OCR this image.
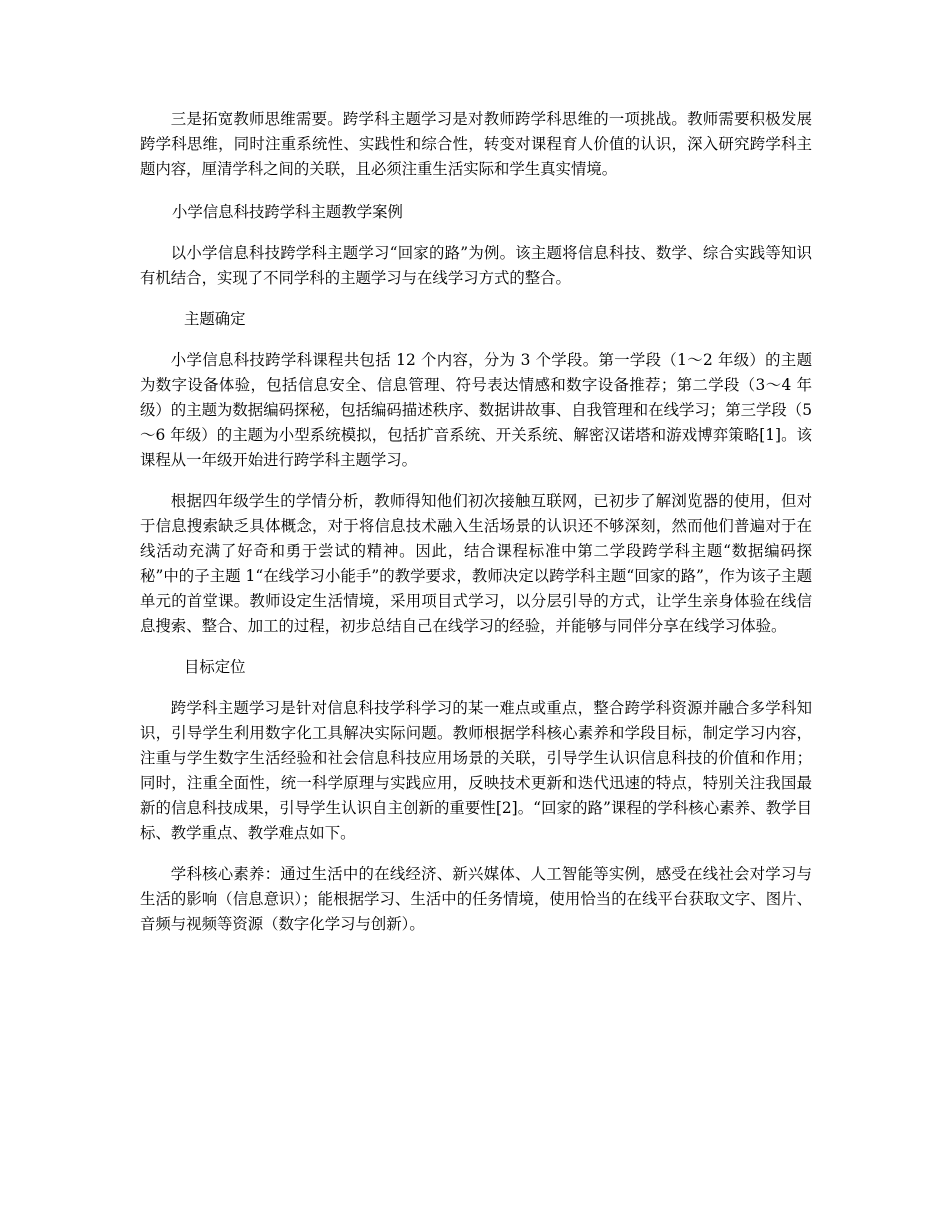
三是拓宽教师思维需要。跨学科主题学习是对教师跨学科思维的一项挑战。教师需要积极发展跨学科思维，同时注重系统性、实践性和综合性，转变对课程育人价值的认识，深入研究跨学科主题内容，厘清学科之间的关联，且必须注重生活实际和学生真实情境。

小学信息科技跨学科主题教学案例

以小学信息科技跨学科主题学习“回家的路”为例。该主题将信息科技、数学、综合实践等知识有机结合，实现了不同学科的主题学习与在线学习方式的整合。

主题确定

小学信息科技跨学科课程共包括 12 个内容，分为 3 个学段。第一学段（1～2 年级）的主题为数字设备体验，包括信息安全、信息管理、符号表达情感和数字设备推荐；第二学段（3～4 年级）的主题为数据编码探秘，包括编码描述秩序、数据讲故事、自我管理和在线学习；第三学段（5～6 年级）的主题为小型系统模拟，包括扩音系统、开关系统、解密汉诺塔和游戏博弈策略[1]。该课程从一年级开始进行跨学科主题学习。

根据四年级学生的学情分析，教师得知他们初次接触互联网，已初步了解浏览器的使用，但对于信息搜索缺乏具体概念，对于将信息技术融入生活场景的认识还不够深刻，然而他们普遍对于在线活动充满了好奇和勇于尝试的精神。因此，结合课程标准中第二学段跨学科主题“数据编码探秘”中的子主题 1“在线学习小能手”的教学要求，教师决定以跨学科主题“回家的路”，作为该子主题单元的首堂课。教师设定生活情境，采用项目式学习，以分层引导的方式，让学生亲身体验在线信息搜索、整合、加工的过程，初步总结自己在线学习的经验，并能够与同伴分享在线学习体验。

目标定位

跨学科主题学习是针对信息科技学科学习的某一难点或重点，整合跨学科资源并融合多学科知识，引导学生利用数字化工具解决实际问题。教师根据学科核心素养和学段目标，制定学习内容，注重与学生数字生活经验和社会信息科技应用场景的关联，引导学生认识信息科技的价值和作用；同时，注重全面性，统一科学原理与实践应用，反映技术更新和迭代迅速的特点，特别关注我国最新的信息科技成果，引导学生认识自主创新的重要性[2]。“回家的路”课程的学科核心素养、教学目标、教学重点、教学难点如下。

学科核心素养：通过生活中的在线经济、新兴媒体、人工智能等实例，感受在线社会对学习与生活的影响（信息意识）；能根据学习、生活中的任务情境，使用恰当的在线平台获取文字、图片、音频与视频等资源（数字化学习与创新）。
